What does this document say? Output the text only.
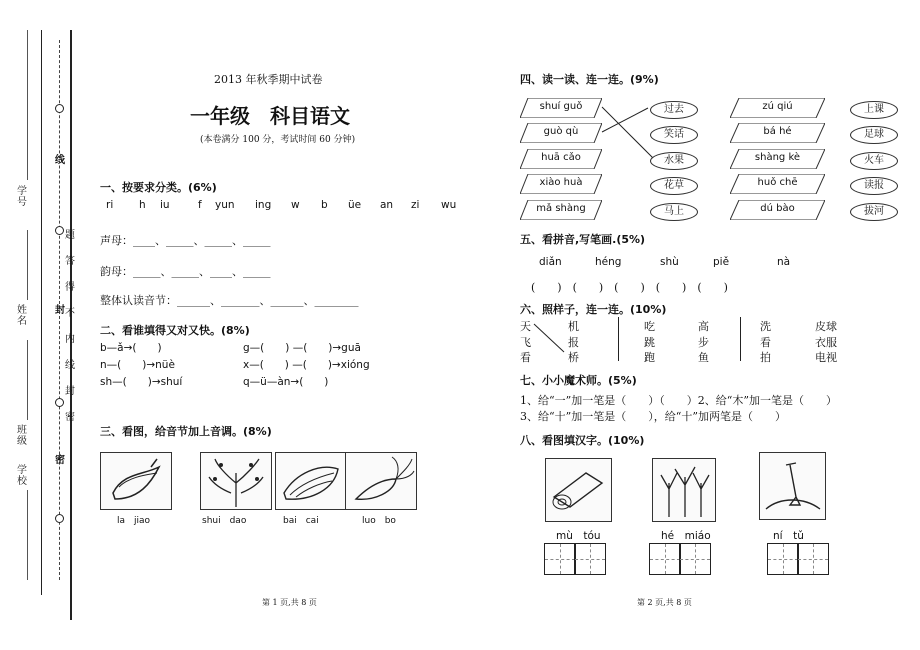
线
题
答
得
不
内
线
封
密
封
密
学号
姓名
班级
学校
2013 年秋季期中试卷
一年级　科目语文
(本卷满分 100 分，考试时间 60 分钟)
一、按要求分类。(6%)
ri h iu	f yun ing w b üe an zi wu
声母：____、_____、_____、_____
韵母：_____、_____、____、_____
整体认读音节：______、_______、______、________
二、看谁填得又对又快。(8%)
b—ǎ→(　　)	g—(　　) —(　　)→guā
n—(　　)→nüè	x—(　　) —(　　)→xióng
sh—(　　)→shuí	q—ü—àn→(　　)
三、看图，给音节加上音调。(8%)
la　jiao	shui　dao	bai　cai	luo　bo
第 1 页,共 8 页
四、读一读、连一连。(9%)
shuí guǒ
guò qù
huā cǎo
xiào huà
mǎ shàng
过去
笑话
水果
花草
马上
zú qiú
bá hé
shàng kè
huǒ chē
dú bào
上课
足球
火车
读报
拔河
五、看拼音,写笔画.(5%)
diǎn	héng	shù	piě	nà
(　　)　(　　)　(　　)　(　　)　(　　)
六、照样子，连一连。(10%)
天	机	吃	高	洗	皮球
飞	报	跳	步	看	衣服
看	桥	跑	鱼	拍	电视
七、小小魔术师。(5%)
1、给“一”加一笔是（　　）（　　）2、给“木”加一笔是（　　）
3、给“十”加一笔是（　　），给“十”加两笔是（　　）
八、看图填汉字。(10%)
mù　tóu	hé　miáo	ní　tǔ
第 2 页,共 8 页
